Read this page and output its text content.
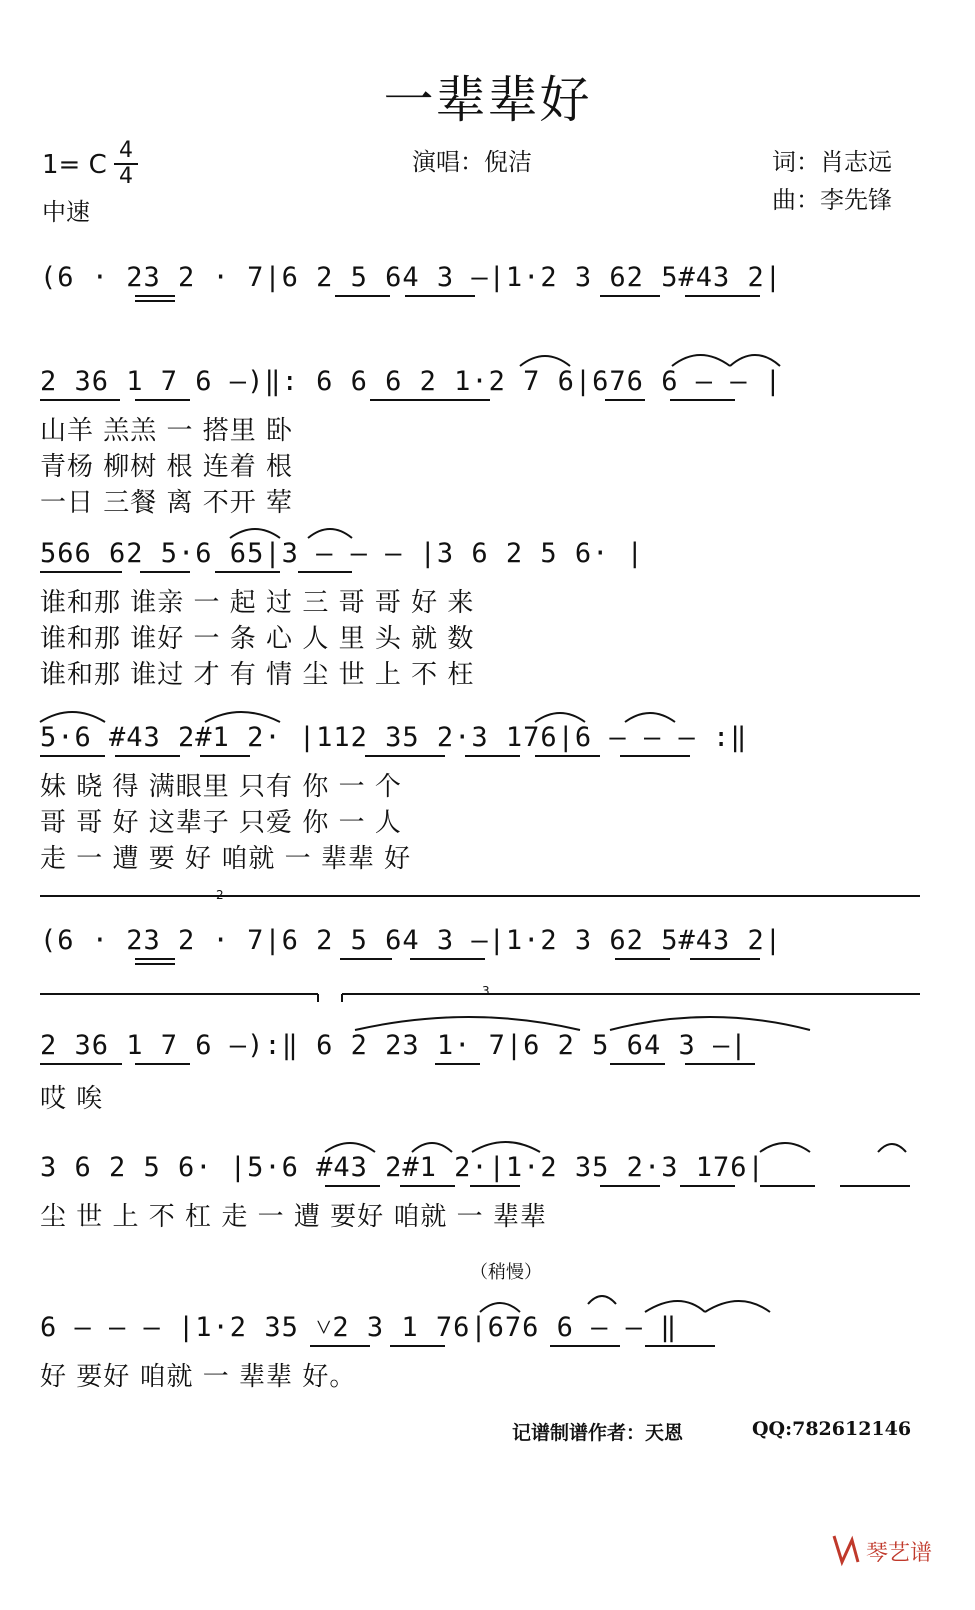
一辈辈好
1= C 4
4
中速
演唱：倪洁	词：肖志远
曲：李先锋
(6 · 23 2 · 7|6 2 5 64 3 –|1·2 3 62 5#43 2|
2 36 1 7 6 –)‖: 6 6 6 2 1·2 7 6|676 6 – – |
山羊 羔羔 一 搭里 卧
青杨 柳树 根 连着 根
一日 三餐 离 不开 荤
566 62 5·6 65|3 – – – |3 6 2 5 6· |
谁和那 谁亲 一 起 过 三 哥 哥 好 来
谁和那 谁好 一 条 心 人 里 头 就 数
谁和那 谁过 才 有 情 尘 世 上 不 枉
5·6 #43 2#1 2· |112 35 2·3 176|6 – – – :‖
妹 晓 得 满眼里 只有 你 一 个
哥 哥 好 这辈子 只爱 你 一 人
走 一 遭 要 好 咱就 一 辈辈 好
2
(6 · 23 2 · 7|6 2 5 64 3 –|1·2 3 62 5#43 2|
3
2 36 1 7 6 –):‖ 6 2 23 1· 7|6 2 5 64 3 –|
哎 唉
3 6 2 5 6· |5·6 #43 2#1 2·|1·2 35 2·3 176|
尘 世 上 不 杠 走 一 遭 要好 咱就 一 辈辈
（稍慢）
6 – – – |1·2 35 ˅2 3 1 76|676 6 – – ‖
好 要好 咱就 一 辈辈 好。
记谱制谱作者：天恩	QQ:782612146
琴艺谱
